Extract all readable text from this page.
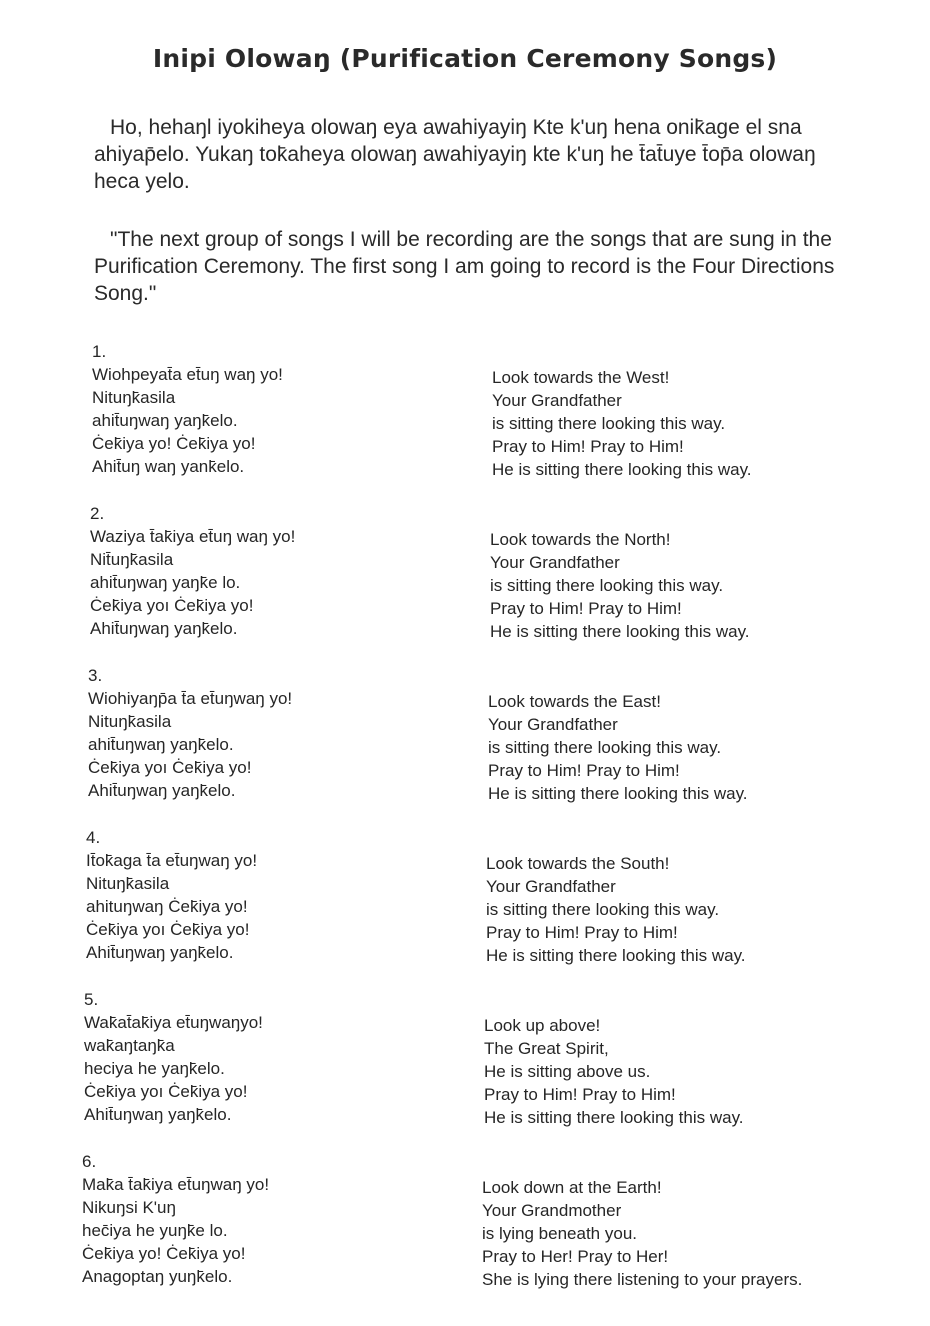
Inipi Olowaŋ (Purification Ceremony Songs)

Ho, hehaŋl iyokiheya olowaŋ eya awahiyayiŋ Kte k'uŋ hena onik̄age el sna ahiyap̄elo. Yukaŋ tok̄aheya olowaŋ awahiyayiŋ kte k'uŋ he t̄at̄uye t̄op̄a olowaŋ heca yelo.

"The next group of songs I will be recording are the songs that are sung in the Purification Ceremony. The first song I am going to record is the Four Directions Song."

1.
Wiohpeyat̄a et̄uŋ waŋ yo!
Nituŋk̄asila
ahit̄uŋwaŋ yaŋk̄elo.
Ċek̄iya yo! Ċek̄iya yo!
Ahit̄uŋ waŋ yank̄elo.
Look towards the West!
Your Grandfather
is sitting there looking this way.
Pray to Him! Pray to Him!
He is sitting there looking this way.
2.
Waziya t̄ak̄iya et̄uŋ waŋ yo!
Nit̄uŋk̄asila
ahit̄uŋwaŋ yaŋk̄e lo.
Ċek̄iya yoı Ċek̄iya yo!
Ahit̄uŋwaŋ yaŋk̄elo.
Look towards the North!
Your Grandfather
is sitting there looking this way.
Pray to Him! Pray to Him!
He is sitting there looking this way.
3.
Wiohiyaŋp̄a t̄a et̄uŋwaŋ yo!
Nituŋk̄asila
ahit̄uŋwaŋ yaŋk̄elo.
Ċek̄iya yoı Ċek̄iya yo!
Ahit̄uŋwaŋ yaŋk̄elo.
Look towards the East!
Your Grandfather
is sitting there looking this way.
Pray to Him! Pray to Him!
He is sitting there looking this way.
4.
It̄ok̄aga t̄a et̄uŋwaŋ yo!
Nituŋk̄asila
ahituŋwaŋ Ċek̄iya yo!
Ċek̄iya yoı Ċek̄iya yo!
Ahit̄uŋwaŋ yaŋk̄elo.
Look towards the South!
Your Grandfather
is sitting there looking this way.
Pray to Him! Pray to Him!
He is sitting there looking this way.
5.
Wak̄at̄ak̄iya et̄uŋwaŋyo!
wak̄aŋtaŋk̄a
heciya he yaŋk̄elo.
Ċek̄iya yoı Ċek̄iya yo!
Ahit̄uŋwaŋ yaŋk̄elo.
Look up above!
The Great Spirit,
He is sitting above us.
Pray to Him! Pray to Him!
He is sitting there looking this way.
6.
Mak̄a t̄ak̄iya et̄uŋwaŋ yo!
Nikuŋsi K'uŋ
hec̄iya he yuŋk̄e lo.
Ċek̄iya yo! Ċek̄iya yo!
Anagoptaŋ yuŋk̄elo.
Look down at the Earth!
Your Grandmother
is lying beneath you.
Pray to Her! Pray to Her!
She is lying there listening to your prayers.
